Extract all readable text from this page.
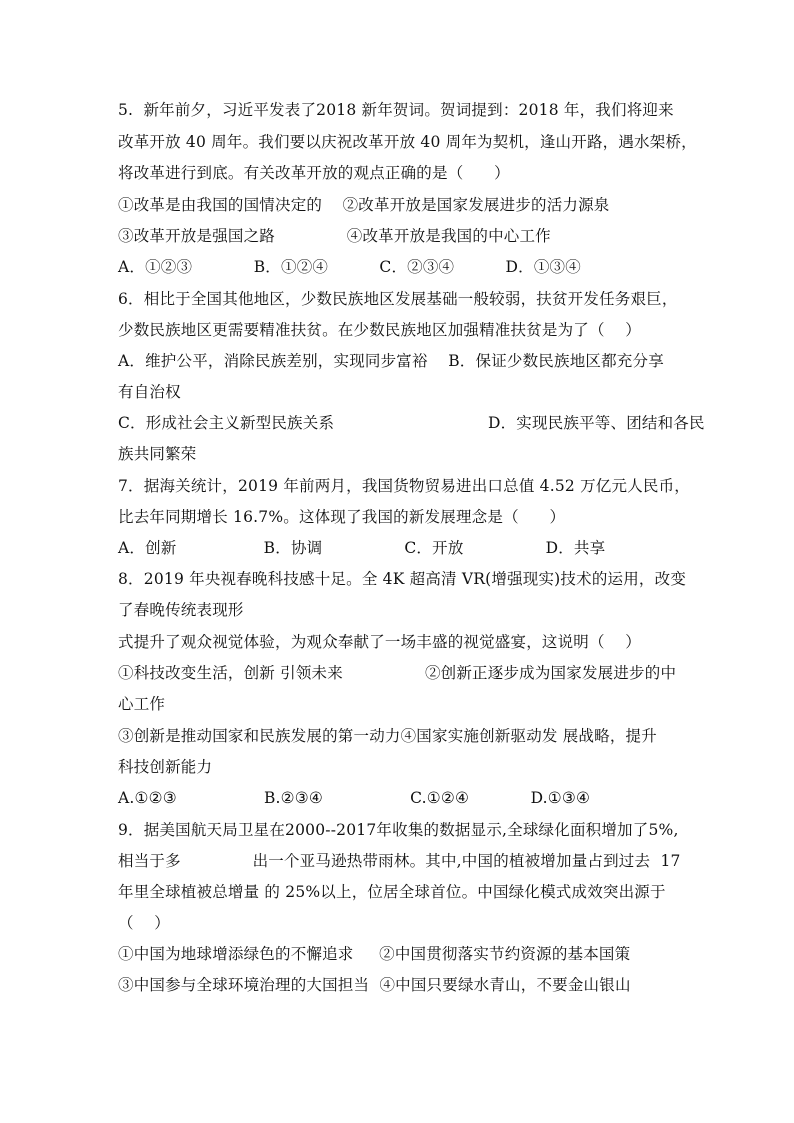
5.  新年前夕，习近平发表了2018 新年贺词。贺词提到：2018 年，我们将迎来
改革开放 40 周年。我们要以庆祝改革开放 40 周年为契机，逢山开路，遇水架桥，
将改革进行到底。有关改革开放的观点正确的是（      ）
①改革是由我国的国情决定的    ②改革开放是国家发展进步的活力源泉
③改革开放是强国之路              ④改革开放是我国的中心工作
A．①②③            B．①②④          C．②③④          D．①③④
6．相比于全国其他地区，少数民族地区发展基础一般较弱，扶贫开发任务艰巨，
少数民族地区更需要精准扶贫。在少数民族地区加强精准扶贫是为了（    ）
A．维护公平，消除民族差别，实现同步富裕    B．保证少数民族地区都充分享
有自治权
C．形成社会主义新型民族关系                              D．实现民族平等、团结和各民
族共同繁荣
7．据海关统计，2019 年前两月，我国货物贸易进出口总值 4.52 万亿元人民币，
比去年同期增长 16.7%。这体现了我国的新发展理念是（      ）
A．创新                 B．协调                C．开放                D．共享
8．2019 年央视春晚科技感十足。全 4K 超高清 VR(增强现实)技术的运用，改变
了春晚传统表现形
式提升了观众视觉体验，为观众奉献了一场丰盛的视觉盛宴，这说明（    ）
①科技改变生活，创新 引领未来                ②创新正逐步成为国家发展进步的中
心工作
③创新是推动国家和民族发展的第一动力④国家实施创新驱动发 展战略，提升
科技创新能力
A.①②③                 B.②③④                 C.①②④            D.①③④
9．据美国航天局卫星在2000--2017年收集的数据显示,全球绿化面积增加了5%,
相当于多              出一个亚马逊热带雨林。其中,中国的植被增加量占到过去  17
年里全球植被总增量 的 25%以上，位居全球首位。中国绿化模式成效突出源于
（    ）
①中国为地球增添绿色的不懈追求     ②中国贯彻落实节约资源的基本国策
③中国参与全球环境治理的大国担当  ④中国只要绿水青山，不要金山银山
